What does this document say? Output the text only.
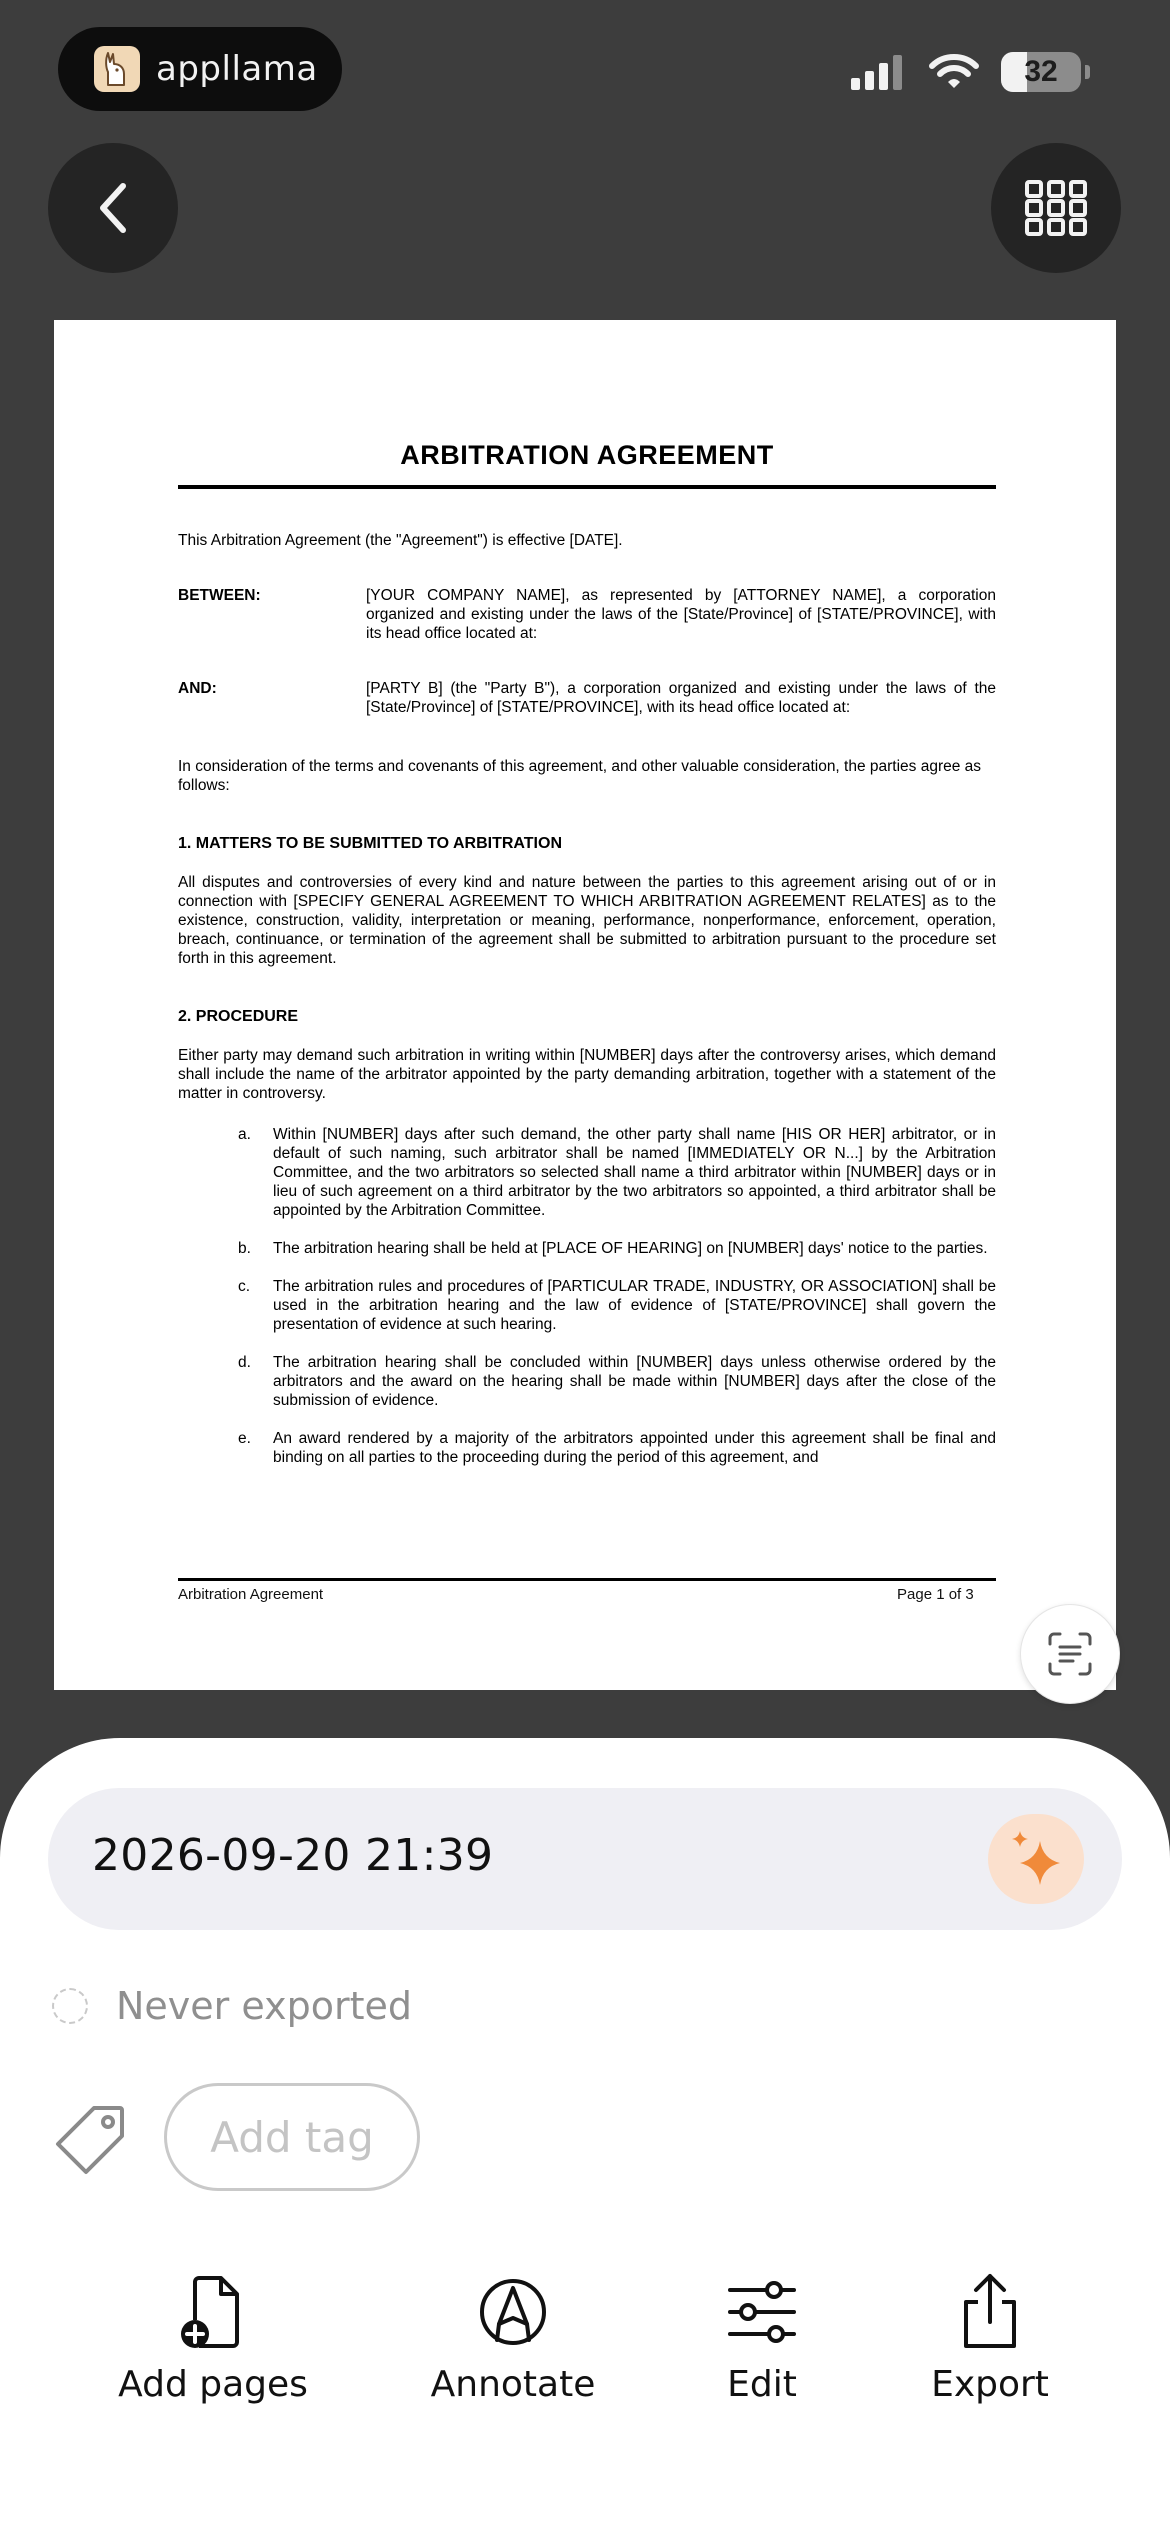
appllama	32
ARBITRATION AGREEMENT

This Arbitration Agreement (the "Agreement") is effective [DATE].

BETWEEN:	[YOUR COMPANY NAME], as represented by [ATTORNEY NAME], a corporation organized and existing under the laws of the [State/Province] of [STATE/PROVINCE], with its head office located at:
AND:	[PARTY B] (the "Party B"), a corporation organized and existing under the laws of the [State/Province] of [STATE/PROVINCE], with its head office located at:

In consideration of the terms and covenants of this agreement, and other valuable consideration, the parties agree as follows:

1. MATTERS TO BE SUBMITTED TO ARBITRATION

All disputes and controversies of every kind and nature between the parties to this agreement arising out of or in connection with [SPECIFY GENERAL AGREEMENT TO WHICH ARBITRATION AGREEMENT RELATES] as to the existence, construction, validity, interpretation or meaning, performance, nonperformance, enforcement, operation, breach, continuance, or termination of the agreement shall be submitted to arbitration pursuant to the procedure set forth in this agreement.

2. PROCEDURE

Either party may demand such arbitration in writing within [NUMBER] days after the controversy arises, which demand shall include the name of the arbitrator appointed by the party demanding arbitration, together with a statement of the matter in controversy.

a.	Within [NUMBER] days after such demand, the other party shall name [HIS OR HER] arbitrator, or in default of such naming, such arbitrator shall be named [IMMEDIATELY OR N...] by the Arbitration Committee, and the two arbitrators so selected shall name a third arbitrator within [NUMBER] days or in lieu of such agreement on a third arbitrator by the two arbitrators so appointed, a third arbitrator shall be appointed by the Arbitration Committee.
b.	The arbitration hearing shall be held at [PLACE OF HEARING] on [NUMBER] days' notice to the parties.
c.	The arbitration rules and procedures of [PARTICULAR TRADE, INDUSTRY, OR ASSOCIATION] shall be used in the arbitration hearing and the law of evidence of [STATE/PROVINCE] shall govern the presentation of evidence at such hearing.
d.	The arbitration hearing shall be concluded within [NUMBER] days unless otherwise ordered by the arbitrators and the award on the hearing shall be made within [NUMBER] days after the close of the submission of evidence.
e.	An award rendered by a majority of the arbitrators appointed under this agreement shall be final and binding on all parties to the proceeding during the period of this agreement, and
Arbitration Agreement	Page 1 of 3
2026-09-20 21:39
Never exported
Add tag
Add pages	Annotate	Edit	Export
